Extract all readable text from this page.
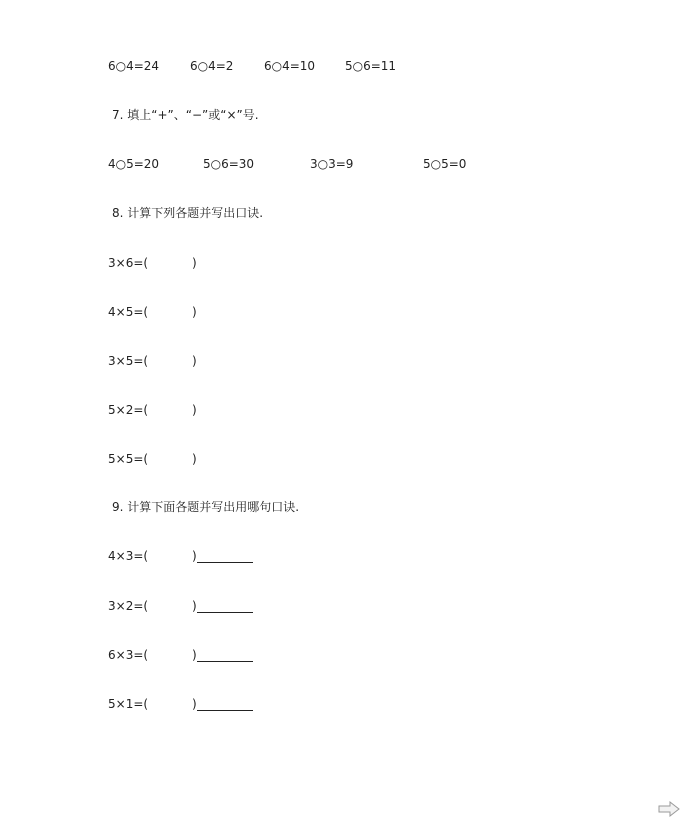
6○4=24	6○4=2	6○4=10 5○6=11
7. 填上“+”、“−”或“×”号.
4○5=20	5○6=30	3○3=9	5○5=0
8. 计算下列各题并写出口诀.
3×6=(	)
4×5=(	)
3×5=(	)
5×2=(	)
5×5=(	)
9. 计算下面各题并写出用哪句口诀.
4×3=(	)
3×2=(	)
6×3=(	)
5×1=(	)
